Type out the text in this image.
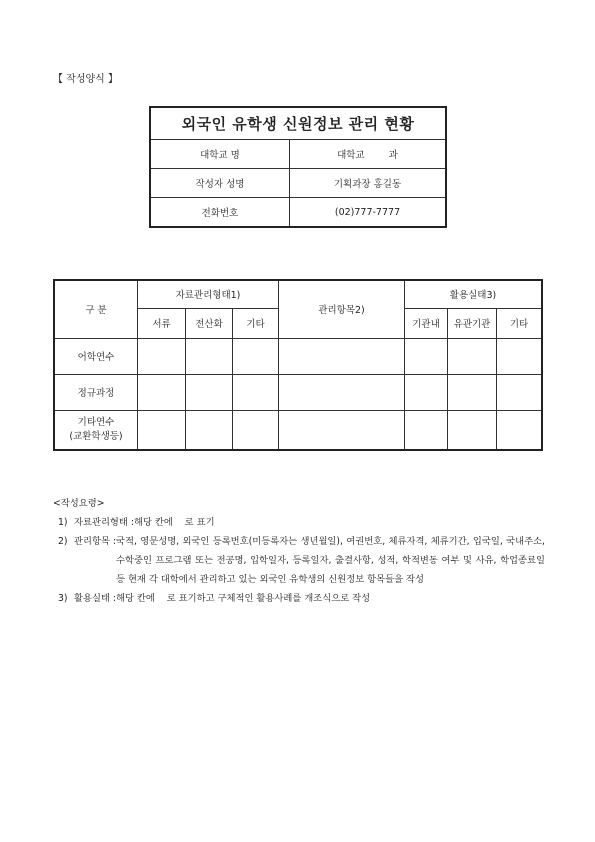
【 작성양식 】
외국인 유학생 신원정보 관리 현황	
대학교 명	대학교        과
작성자 성명	기획과장 홍길동
전화번호	(02)777-7777
구 분	자료관리형태1)			관리항목2)	활용실태3)		
	서류	전산화	기타		기관내	유관기관	기타
어학연수							
정규과정							
기타연수
(교환학생등)							
<작성요령>
1) 자료관리형태 : 해당 칸에    로 표기
2) 관리항목 : 국적, 영문성명, 외국인 등록번호(미등록자는 생년월일), 여권번호, 체류자격, 체류기간, 입국일, 국내주소, 수학중인 프로그램 또는 전공명, 입학일자, 등록일자, 출결사항, 성적, 학적변동 여부 및 사유, 학업종료일 등 현재 각 대학에서 관리하고 있는 외국인 유학생의 신원정보 항목들을 작성
3) 활용실태 : 해당 칸에    로 표기하고 구체적인 활용사례를 개조식으로 작성
